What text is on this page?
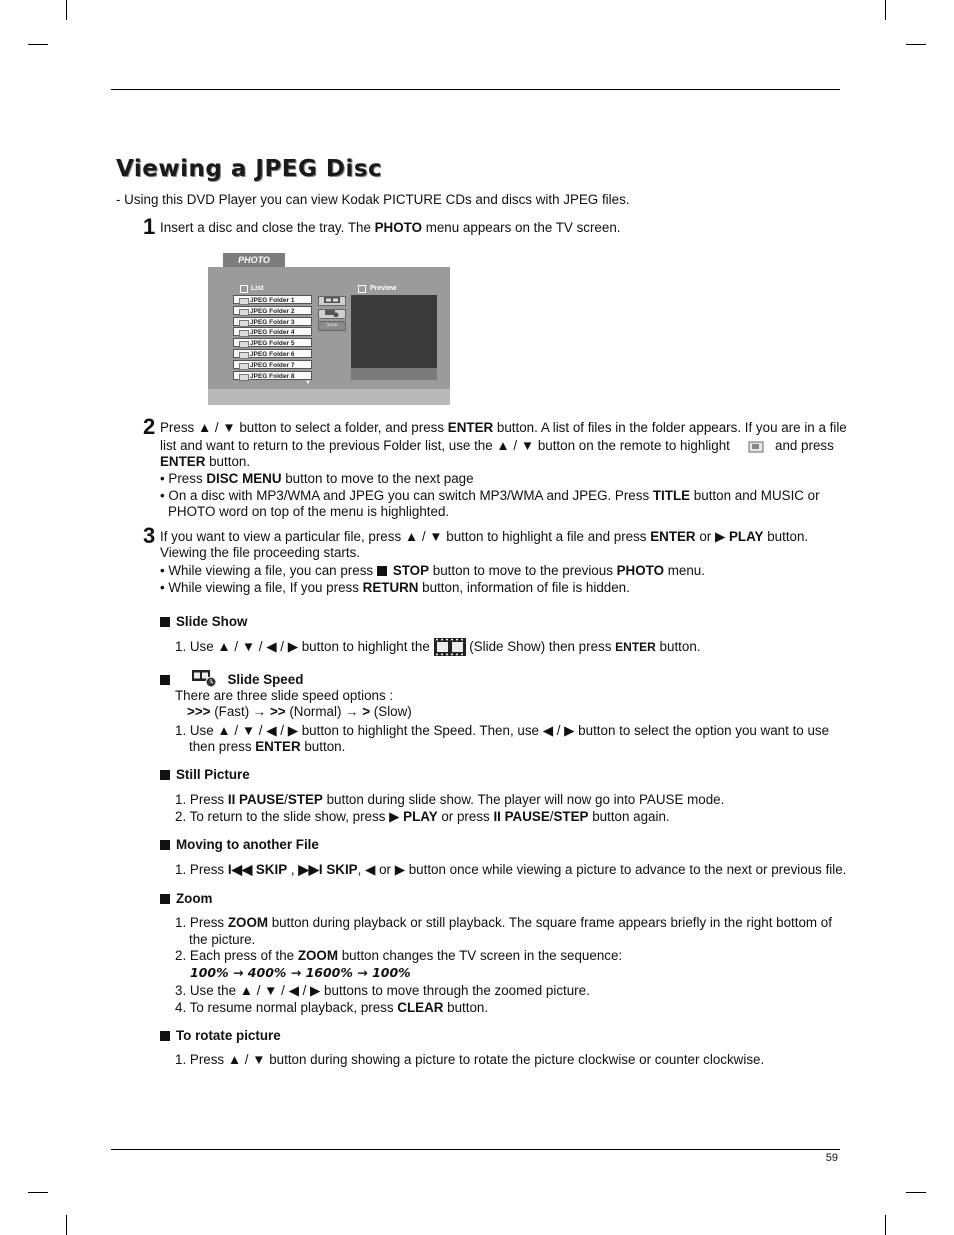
Viewing a JPEG Disc
- Using this DVD Player you can view Kodak PICTURE CDs and discs with JPEG files.
1 Insert a disc and close the tray. The PHOTO menu appears on the TV screen.
PHOTO
List	Preview
JPEG Folder 1
JPEG Folder 2
JPEG Folder 3
JPEG Folder 4
JPEG Folder 5
JPEG Folder 6
JPEG Folder 7
JPEG Folder 8
▼
>>>
2 Press ▲ / ▼ button to select a folder, and press ENTER button. A list of files in the folder appears. If you are in a file
list and want to return to the previous Folder list, use the ▲ / ▼ button on the remote to highlight	and press
ENTER button.
• Press DISC MENU button to move to the next page
• On a disc with MP3/WMA and JPEG you can switch MP3/WMA and JPEG. Press TITLE button and MUSIC or
PHOTO word on top of the menu is highlighted.
3 If you want to view a particular file, press ▲ / ▼ button to highlight a file and press ENTER or ▶ PLAY button.
Viewing the file proceeding starts.
• While viewing a file, you can press STOP button to move to the previous PHOTO menu.
• While viewing a file, If you press RETURN button, information of file is hidden.
Slide Show
1. Use ▲ / ▼ / ◀ / ▶ button to highlight the	(Slide Show) then press ENTER button.
Slide Speed
There are three slide speed options :
>>> (Fast) → >> (Normal) → > (Slow)
1. Use ▲ / ▼ / ◀ / ▶ button to highlight the Speed. Then, use ◀ / ▶ button to select the option you want to use
then press ENTER button.
Still Picture
1. Press II PAUSE/STEP button during slide show. The player will now go into PAUSE mode.
2. To return to the slide show, press ▶ PLAY or press II PAUSE/STEP button again.
Moving to another File
1. Press I◀◀ SKIP , ▶▶I SKIP, ◀ or ▶ button once while viewing a picture to advance to the next or previous file.
Zoom
1. Press ZOOM button during playback or still playback. The square frame appears briefly in the right bottom of
the picture.
2. Each press of the ZOOM button changes the TV screen in the sequence:
100% → 400% → 1600% → 100%
3. Use the ▲ / ▼ / ◀ / ▶ buttons to move through the zoomed picture.
4. To resume normal playback, press CLEAR button.
To rotate picture
1. Press ▲ / ▼ button during showing a picture to rotate the picture clockwise or counter clockwise.
59
